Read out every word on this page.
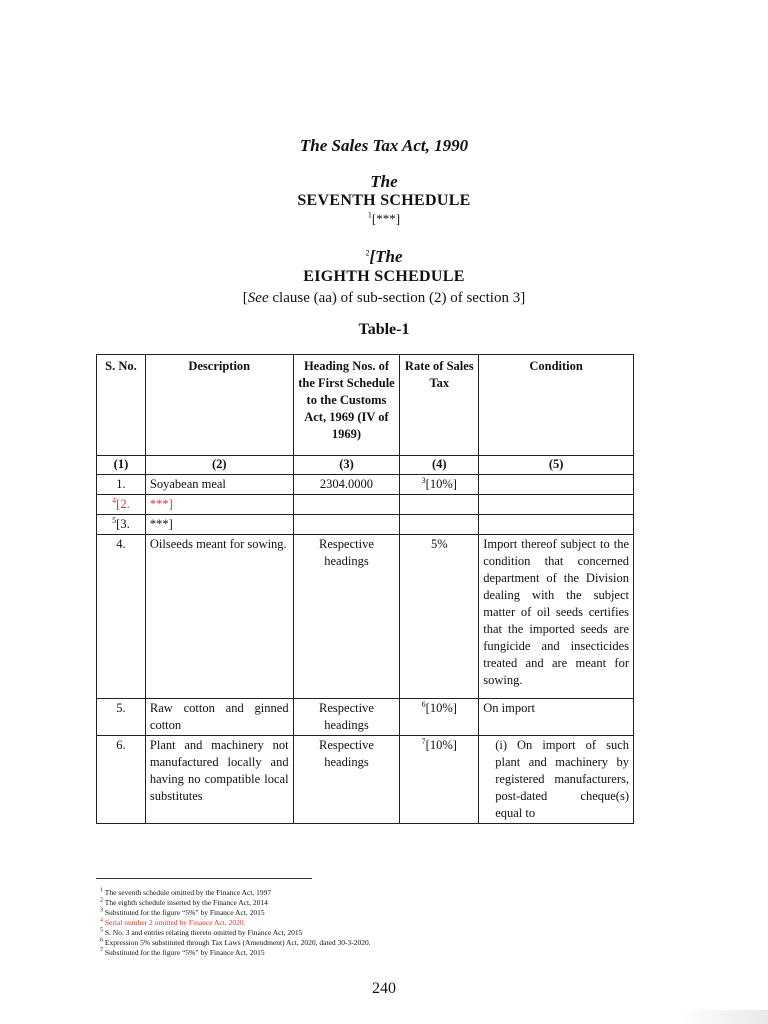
The Sales Tax Act, 1990
The
SEVENTH SCHEDULE
$^1$[***]
$^2$[The
EIGHTH SCHEDULE
[See clause (aa) of sub-section (2) of section 3]
Table-1
S. No.	Description	Heading Nos. of the First Schedule to the Customs Act, 1969 (IV of 1969)	Rate of Sales Tax	Condition
(1)	(2)	(3)	(4)	(5)
1.	Soyabean meal	2304.0000	$^3$[10%]	
$^4$[2.	***]			
$^5$[3.	***]			
4.	Oilseeds meant for sowing.	Respective headings	5%	Import thereof subject to the condition that concerned department of the Division dealing with the subject matter of oil seeds certifies that the imported seeds are fungicide and insecticides treated and are meant for sowing.
5.	Raw cotton and ginned cotton	Respective headings	$^6$[10%]	On import
6.	Plant and machinery not manufactured locally and having no compatible local substitutes	Respective headings	$^7$[10%]	(i) On import of such plant and machinery by registered manufacturers, post-dated cheque(s) equal to
$^1$ The seventh schedule omitted by the Finance Act, 1997
$^2$ The eighth schedule inserted by the Finance Act, 2014
$^3$ Substituted for the figure “5%” by Finance Act, 2015
$^4$ Serial number 2 omitted by Finance Act, 2020.
$^5$ S. No. 3 and entries relating thereto omitted by Finance Act, 2015
$^6$ Expression 5% substituted through Tax Laws (Amendment) Act, 2020, dated 30-3-2020.
$^7$ Substituted for the figure “5%” by Finance Act, 2015
240
